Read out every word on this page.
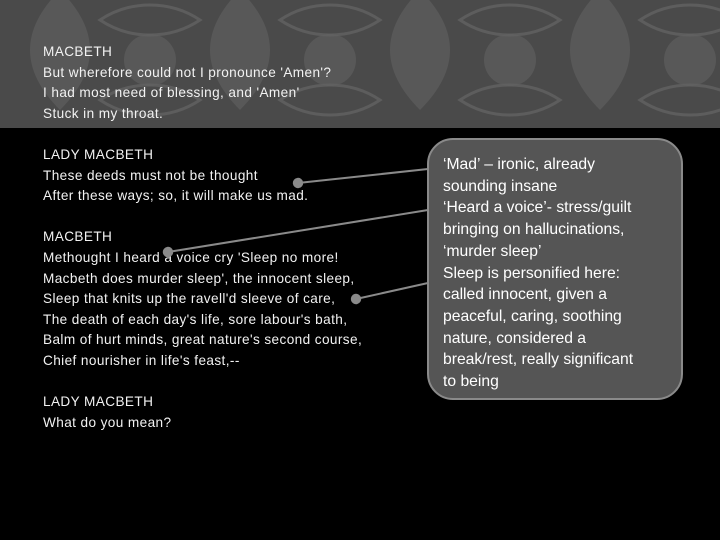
MACBETH
But wherefore could not I pronounce 'Amen'?
I had most need of blessing, and 'Amen'
Stuck in my throat.
LADY MACBETH
These deeds must not be thought
After these ways; so, it will make us mad.
MACBETH
Methought I heard a voice cry 'Sleep no more!
Macbeth does murder sleep', the innocent sleep,
Sleep that knits up the ravell'd sleeve of care,
The death of each day's life, sore labour's bath,
Balm of hurt minds, great nature's second course,
Chief nourisher in life's feast,--
LADY MACBETH
What do you mean?
‘Mad’ – ironic, already
sounding insane
‘Heard a voice’- stress/guilt
bringing on hallucinations,
‘murder sleep’
Sleep is personified here:
called innocent, given a
peaceful, caring, soothing
nature, considered a
break/rest, really significant
to being
